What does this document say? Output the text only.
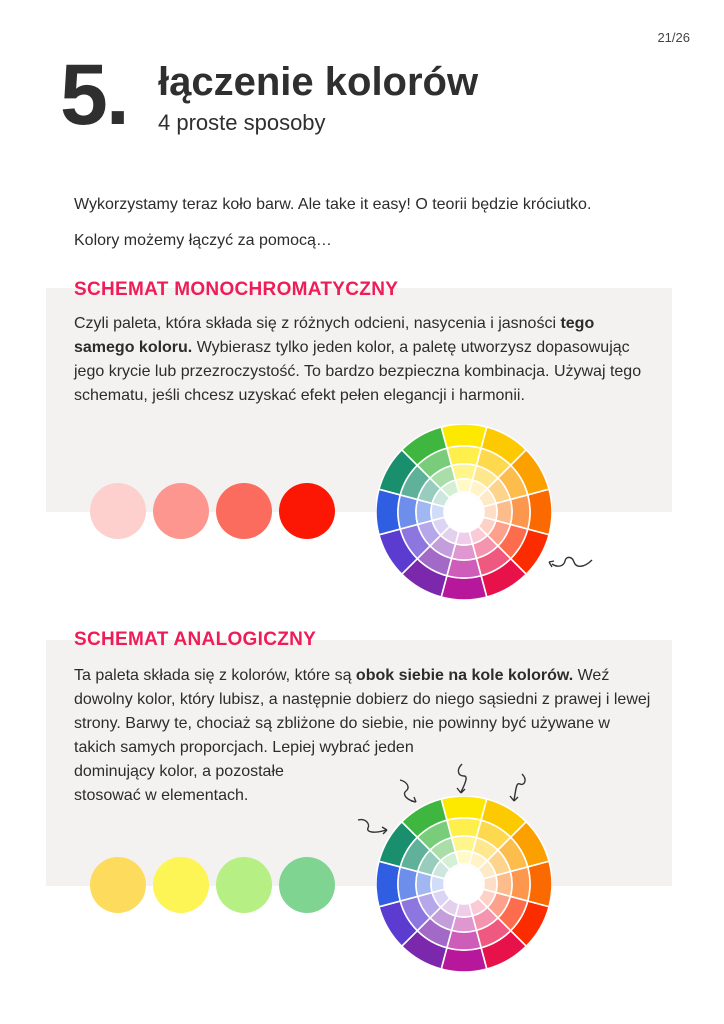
21/26
5. łączenie kolorów
4 proste sposoby
Wykorzystamy teraz koło barw. Ale take it easy! O teorii będzie króciutko.
Kolory możemy łączyć za pomocą…
SCHEMAT MONOCHROMATYCZNY
Czyli paleta, która składa się z różnych odcieni, nasycenia i jasności tego samego koloru. Wybierasz tylko jeden kolor, a paletę utworzysz dopasowując jego krycie lub przezroczystość. To bardzo bezpieczna kombinacja. Używaj tego schematu, jeśli chcesz uzyskać efekt pełen elegancji i harmonii.
SCHEMAT ANALOGICZNY
Ta paleta składa się z kolorów, które są obok siebie na kole kolorów. Weź dowolny kolor, który lubisz, a następnie dobierz do niego sąsiedni z prawej i lewej strony. Barwy te, chociaż są zbliżone do siebie, nie powinny być używane w takich samych proporcjach. Lepiej wybrać jeden
dominujący kolor, a pozostałe
stosować w elementach.
